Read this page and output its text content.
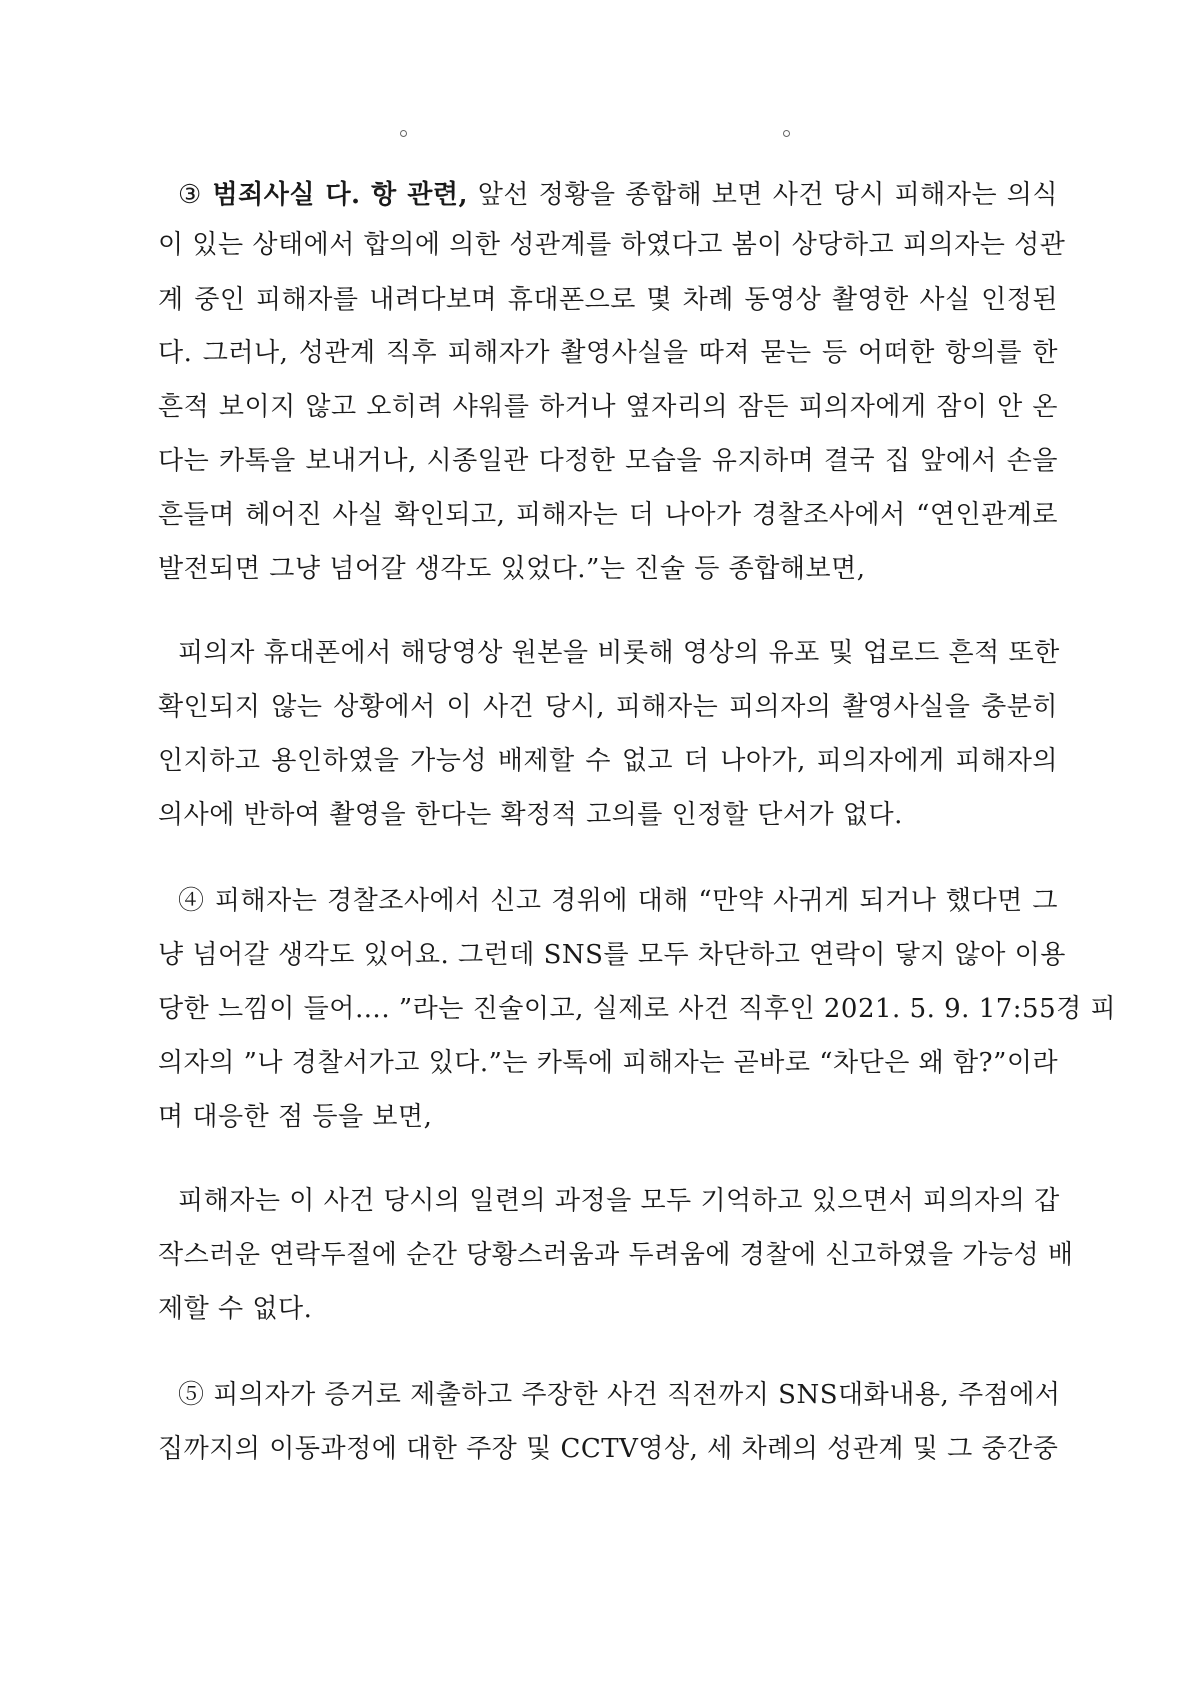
③ 범죄사실 다. 항 관련, 앞선 정황을 종합해 보면 사건 당시 피해자는 의식
이 있는 상태에서 합의에 의한 성관계를 하였다고 봄이 상당하고 피의자는 성관
계 중인 피해자를 내려다보며 휴대폰으로 몇 차례 동영상 촬영한 사실 인정된
다. 그러나, 성관계 직후 피해자가 촬영사실을 따져 묻는 등 어떠한 항의를 한
흔적 보이지 않고 오히려 샤워를 하거나 옆자리의 잠든 피의자에게 잠이 안 온
다는 카톡을 보내거나, 시종일관 다정한 모습을 유지하며 결국 집 앞에서 손을
흔들며 헤어진 사실 확인되고, 피해자는 더 나아가 경찰조사에서 “연인관계로
발전되면 그냥 넘어갈 생각도 있었다.”는 진술 등 종합해보면,
피의자 휴대폰에서 해당영상 원본을 비롯해 영상의 유포 및 업로드 흔적 또한
확인되지 않는 상황에서 이 사건 당시, 피해자는 피의자의 촬영사실을 충분히
인지하고 용인하였을 가능성 배제할 수 없고 더 나아가, 피의자에게 피해자의
의사에 반하여 촬영을 한다는 확정적 고의를 인정할 단서가 없다.
④ 피해자는 경찰조사에서 신고 경위에 대해 “만약 사귀게 되거나 했다면 그
냥 넘어갈 생각도 있어요. 그런데 SNS를 모두 차단하고 연락이 닿지 않아 이용
당한 느낌이 들어…. ”라는 진술이고, 실제로 사건 직후인 2021. 5. 9. 17:55경 피
의자의 ”나 경찰서가고 있다.”는 카톡에 피해자는 곧바로 “차단은 왜 함?”이라
며 대응한 점 등을 보면,
피해자는 이 사건 당시의 일련의 과정을 모두 기억하고 있으면서 피의자의 갑
작스러운 연락두절에 순간 당황스러움과 두려움에 경찰에 신고하였을 가능성 배
제할 수 없다.
⑤ 피의자가 증거로 제출하고 주장한 사건 직전까지 SNS대화내용, 주점에서
집까지의 이동과정에 대한 주장 및 CCTV영상, 세 차례의 성관계 및 그 중간중
